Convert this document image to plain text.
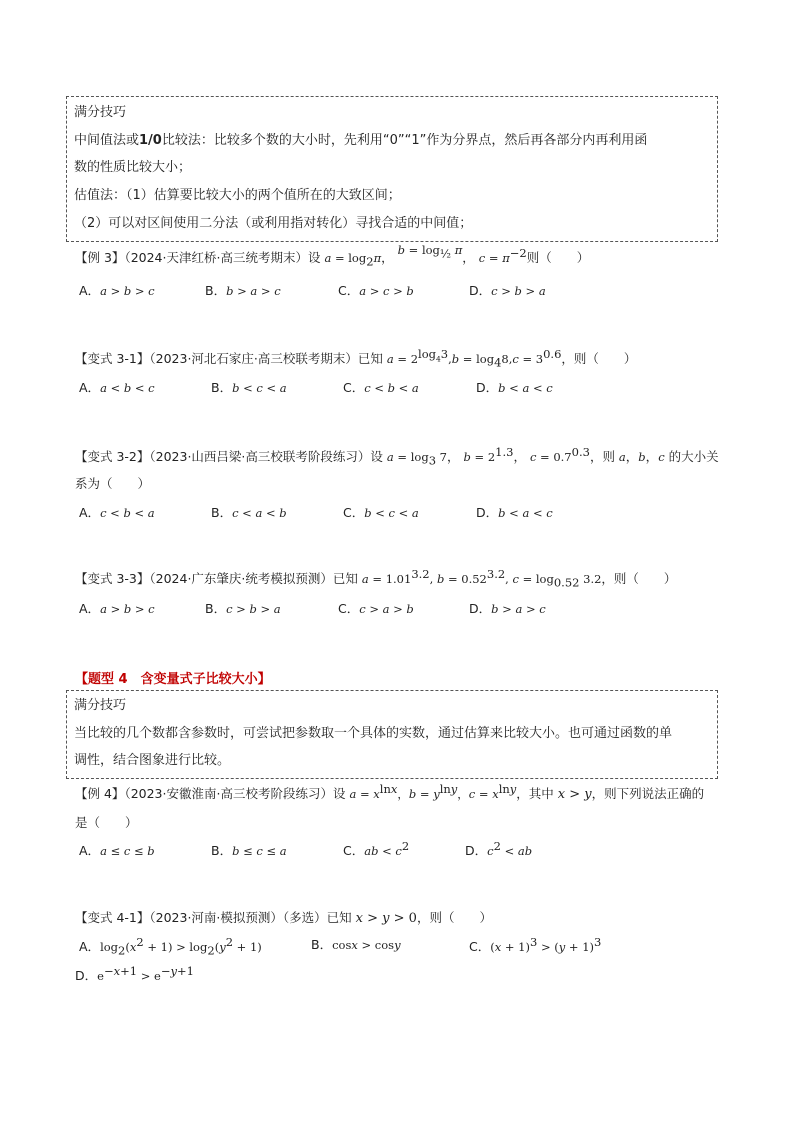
满分技巧
中间值法或1/0比较法：比较多个数的大小时，先利用“0”“1”作为分界点，然后再各部分内再利用函
数的性质比较大小；
估值法：（1）估算要比较大小的两个值所在的大致区间；
（2）可以对区间使用二分法（或利用指对转化）寻找合适的中间值；
【例 3】（2024·天津红桥·高三统考期末）设 $a = \log_2\pi$， $b = \log_{\frac{1}{2}} \pi$， $c = \pi^{-2}$则（　　）
A．a > b > c	B．b > a > c	C．a > c > b	D．c > b > a
【变式 3-1】（2023·河北石家庄·高三校联考期末）已知 $a = 2^{log_43},b = \log_48,c = 3^{0.6}$，则（　　）
A．a < b < c	B．b < c < a	C．c < b < a	D．b < a < c
【变式 3-2】（2023·山西吕梁·高三校联考阶段练习）设 $a = \log_3 7$， $b = 2^{1.3}$， $c = 0.7^{0.3}$，则 a，b，c 的大小关
系为（　　）
A．c < b < a	B．c < a < b	C．b < c < a	D．b < a < c
【变式 3-3】（2024·广东肇庆·统考模拟预测）已知 $a = 1.01^{3.2}$, $b = 0.52^{3.2}$, $c = \log_{0.52} 3.2$，则（　　）
A．a > b > c	B．c > b > a	C．c > a > b	D．b > a > c
【题型 4　含变量式子比较大小】
满分技巧
当比较的几个数都含参数时，可尝试把参数取一个具体的实数，通过估算来比较大小。也可通过函数的单
调性，结合图象进行比较。
【例 4】（2023·安徽淮南·高三校考阶段练习）设 $a = x^{lnx}$，$b = y^{lny}$，$c = x^{lny}$，其中 x > y，则下列说法正确的
是（　　）
A．a ≤ c ≤ b	B．b ≤ c ≤ a	C．ab < $c^2$	D．$c^2$ < ab
【变式 4-1】（2023·河南·模拟预测）（多选）已知 x > y > 0，则（　　）
A．$\log_2(x^2 + 1) > \log_2(y^2 + 1)$	B．cosx > cosy	C．$(x + 1)^3 > (y + 1)^3$
D．$e^{-x+1} > e^{-y+1}$
